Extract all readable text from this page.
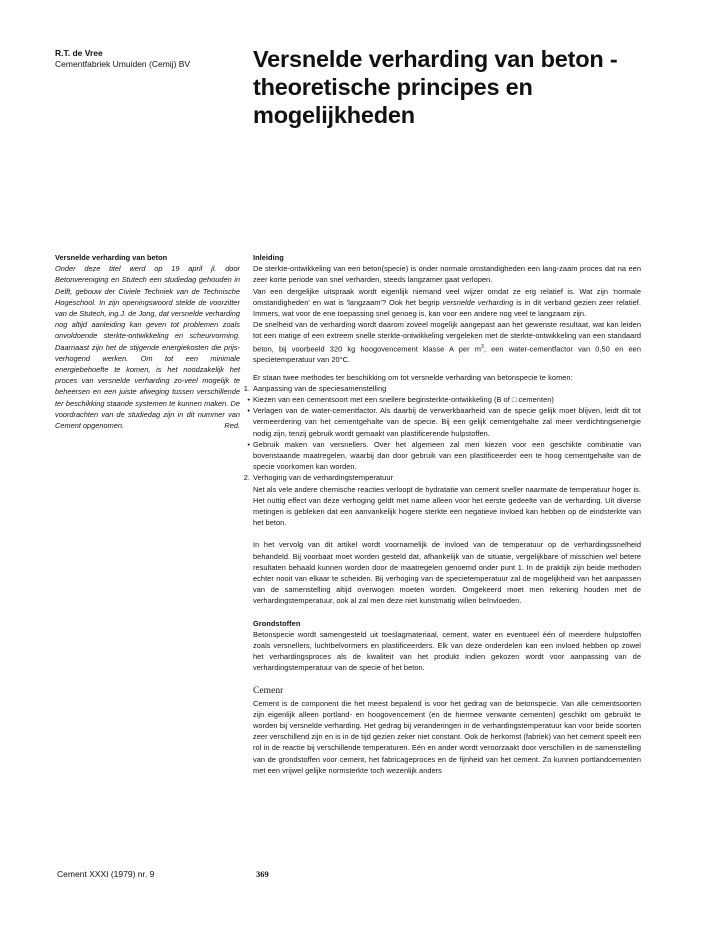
R.T. de Vree
Cementfabriek Umuiden (Cemij) BV	Versnelde verharding van beton - theoretische principes en mogelijkheden
Versnelde verharding van beton
Onder deze titel werd op 19 april jl. door Betonvereniging en Stutech een studiedag gehouden in Delft, gebouw der Civiele Techniek van de Technische Hogeschool. In zijn openingswoord stelde de voorzitter van de Stutech, ing.J. de Jong, dat versnelde verharding nog altijd aanleiding kan geven tot problemen zoals onvoldoende sterkte-ontwikkeling en scheurvorming. Daarnaast zijn het de stijgende energiekosten die prijs-verhogend werken. Om tot een minimale energiebehoefte te komen, is het noodzakelijk het proces van versnelde verharding zo-veel mogelijk te beheersen en een juiste afweging tussen verschillende ter beschikking staande systemen te kunnen maken. De voordrachten van de studiedag zijn in dit nummer van Cement opgenomen.	Red.
Inleiding

De sterkte-ontwikkeling van een beton(specie) is onder normale omstandigheden een lang-zaam proces dat na een zeer korte periode van snel verharden, steeds langzamer gaat verlopen.

Van een dergelijke uitspraak wordt eigenlijk niemand veel wijzer omdat ze erg relatief is. Wat zijn 'normale omstandigheden' en wat is 'langzaam'? Ook het begrip versnelde verharding is in dit verband gezien zeer relatief. Immers, wat voor de ene toepassing snel genoeg is, kan voor een andere nog veel te langzaam zijn.

De snelheid van de verharding wordt daarom zoveel mogelijk aangepast aan het gewenste resultaat, wat kan leiden tot een matige of een extreem snelle sterkte-ontwikkeling vergeleken met de sterkte-ontwikkeling van een standaard beton, bij voorbeeld 320 kg hoogovencement klasse A per $m^3$, een water-cementfactor van 0,50 en een specietemperatuur van 20°C.

Er staan twee methodes ter beschikking om tot versnelde verharding van betonspecie te komen:

1. Aanpassing van de speciesamenstelling
• Kiezen van een cementsoort met een snellere beginsterkte-ontwikkeling (B of □ cementen)
• Verlagen van de water-cementfactor. Als daarbij de verwerkbaarheid van de specie gelijk moet blijven, leidt dit tot vermeerdering van het cementgehalte van de specie. Bij een gelijk cementgehalte zal meer verdichtingsenergie nodig zijn, tenzij gebruik wordt gemaakt van plastificerende hulpstoffen.
• Gebruik maken van versnellers. Over het algemeen zal men kiezen voor een geschikte combinatie van bovenstaande maatregelen, waarbij dan door gebruik van een plastificeerder een te hoog cementgehalte van de specie voorkomen kan worden.
2. Verhoging van de verhardingstemperatuur

Net als vele andere chemische reacties verloopt de hydratatie van cement sneller naarmate de temperatuur hoger is. Het nuttig effect van deze verhoging geldt met name alleen voor het eerste gedeelte van de verharding. Uit diverse metingen is gebleken dat een aanvankelijk hogere sterkte een negatieve invloed kan hebben op de eindsterkte van het beton.

In het vervolg van dit artikel wordt voornamelijk de invloed van de temperatuur op de verhardingssnelheid behandeld. Bij voorbaat moet worden gesteld dat, afhankelijk van de situatie, vergelijkbare of misschien wel betere resultaten behaald kunnen worden door de maatregelen genoemd onder punt 1. In de praktijk zijn beide methoden echter nooit van elkaar te scheiden. Bij verhoging van de specietemperatuur zal de mogelijkheid van het aanpassen van de samenstelling altijd overwogen moeten worden. Omgekeerd moet men rekening houden met de verhardingstemperatuur, ook al zal men deze niet kunstmatig willen beïnvloeden.

Grondstoffen

Betonspecie wordt samengesteld uit toeslagmateriaal, cement, water en eventueel één of meerdere hulpstoffen zoals versnellers, luchtbelvormers en plastificeerders. Elk van deze onderdelen kan een invloed hebben op zowel het verhardingsproces als de kwaliteit van het produkt indien gekozen wordt voor aanpassing van de verhardingstemperatuur van de specie of het beton.

Cemenr

Cement is de component die het meest bepalend is voor het gedrag van de betonspecie. Van alle cementsoorten zijn eigenlijk alleen portland- en hoogovencement (en de hiermee verwante cementen) geschikt om gebruikt te worden bij versnelde verharding. Het gedrag bij veranderingen in de verhardingstemperatuur kan voor beide soorten zeer verschillend zijn en is in de tijd gezien zeker niet constant. Ook de herkomst (fabriek) van het cement speelt een rol in de reactie bij verschillende temperaturen. Eén en ander wordt veroorzaakt door verschillen in de samenstelling van de grondstoffen voor cement, het fabricageproces en de fijnheid van het cement. Zo kunnen portlandcementen met een vrijwel gelijke normsterkte toch wezenlijk anders

Cement XXXI (1979) nr. 9	369
